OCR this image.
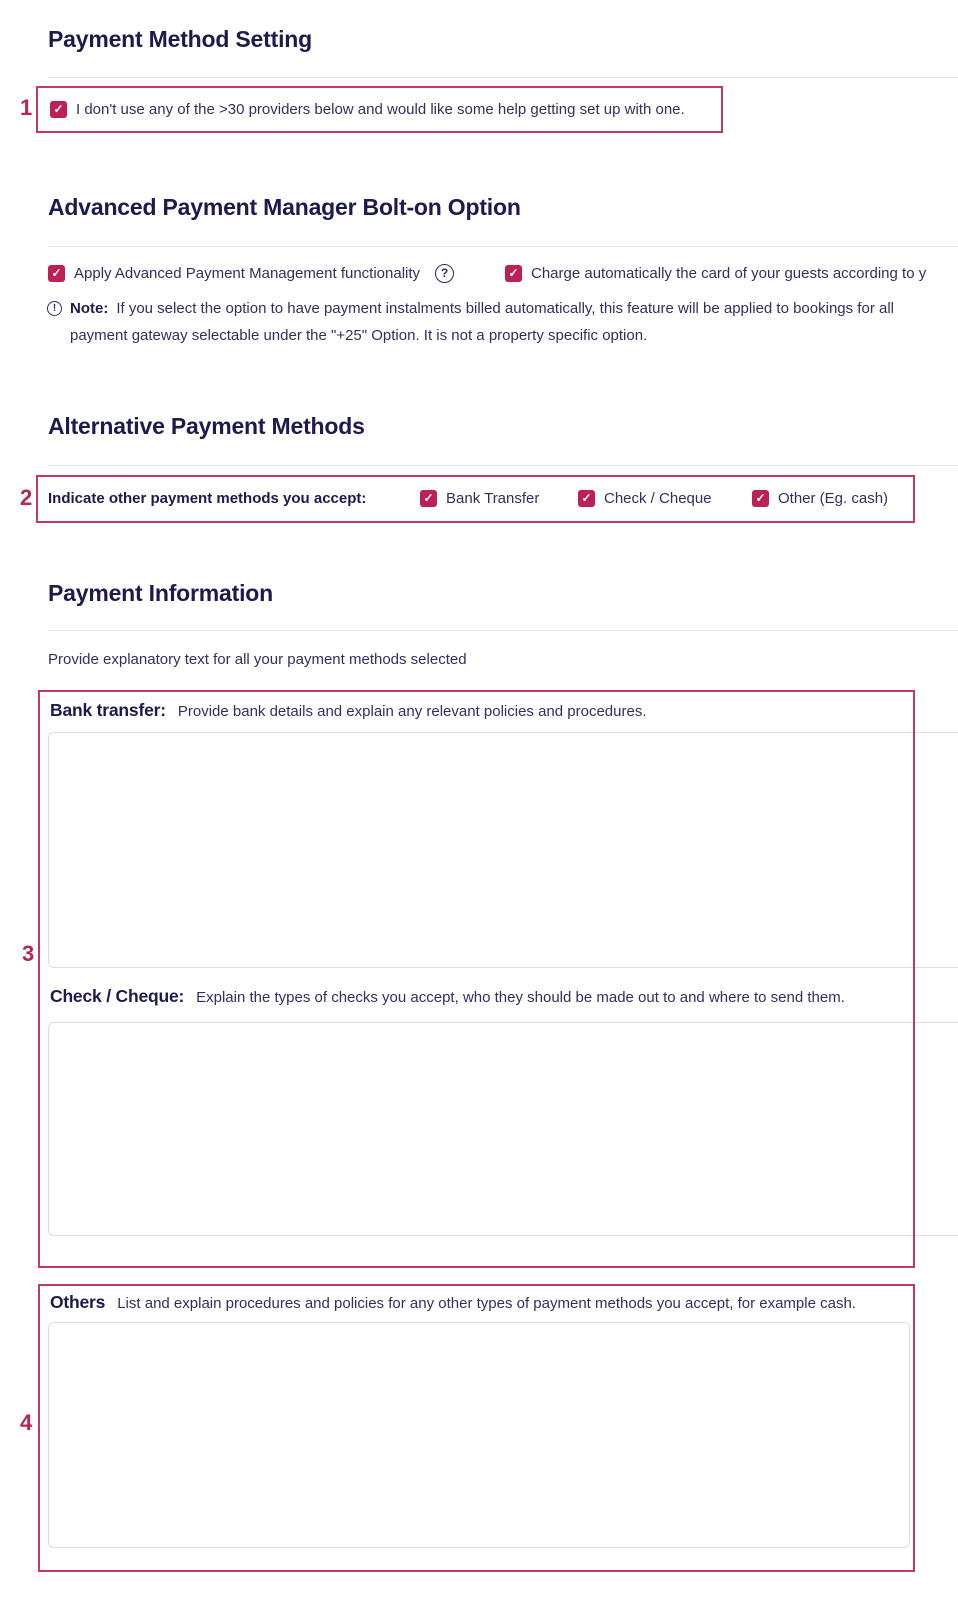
Payment Method Setting
1 ✓ I don't use any of the >30 providers below and would like some help getting set up with one.
Advanced Payment Manager Bolt-on Option
✓ Apply Advanced Payment Management functionality	?	✓ Charge automatically the card of your guests according to y
! Note: If you select the option to have payment instalments billed automatically, this feature will be applied to bookings for all
payment gateway selectable under the "+25" Option. It is not a property specific option.
Alternative Payment Methods
2 Indicate other payment methods you accept:	✓ Bank Transfer	✓ Check / Cheque	✓ Other (Eg. cash)
Payment Information
Provide explanatory text for all your payment methods selected
3
Bank transfer: Provide bank details and explain any relevant policies and procedures.
Check / Cheque: Explain the types of checks you accept, who they should be made out to and where to send them.
4
Others List and explain procedures and policies for any other types of payment methods you accept, for example cash.
